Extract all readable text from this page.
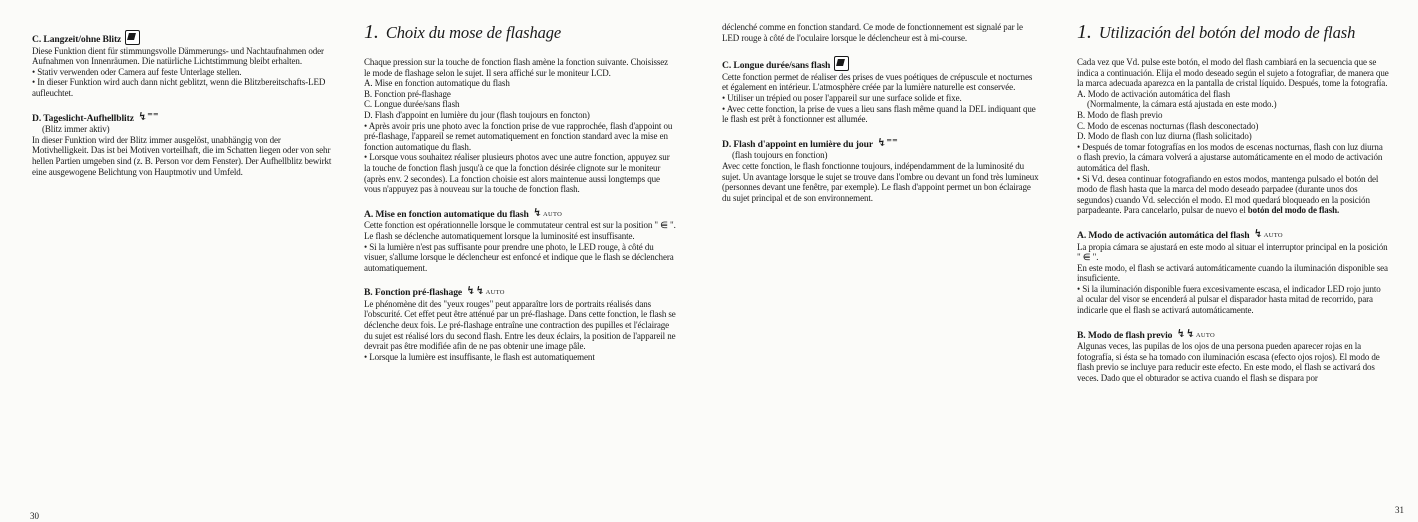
C. Langzeit/ohne Blitz

Diese Funktion dient für stimmungsvolle Dämmerungs- und Nachtaufnahmen oder Aufnahmen von Innenräumen. Die natürliche Lichtstimmung bleibt erhalten.

• Stativ verwenden oder Camera auf feste Unterlage stellen.

• In dieser Funktion wird auch dann nicht geblitzt, wenn die Blitzbereitschafts-LED aufleuchtet.

D. Tageslicht-Aufhellblitz ↯⁼⁼

(Blitz immer aktiv)

In dieser Funktion wird der Blitz immer ausgelöst, unabhängig von der Motivhelligkeit. Das ist bei Motiven vorteilhaft, die im Schatten liegen oder von sehr hellen Partien umgeben sind (z. B. Person vor dem Fenster). Der Aufhellblitz bewirkt eine ausgewogene Belichtung von Hauptmotiv und Umfeld.

1. Choix du mose de flashage

Chaque pression sur la touche de fonction flash amène la fonction suivante. Choisissez le mode de flashage selon le sujet. Il sera affiché sur le moniteur LCD.

A. Mise en fonction automatique du flash

B. Fonction pré-flashage

C. Longue durée/sans flash

D. Flash d'appoint en lumière du jour (flash toujours en foncton)

• Après avoir pris une photo avec la fonction prise de vue rapprochée, flash d'appoint ou pré-flashage, l'appareil se remet automatiquement en fonction standard avec la mise en fonction automatique du flash.

• Lorsque vous souhaitez réaliser plusieurs photos avec une autre fonction, appuyez sur la touche de fonction flash jusqu'à ce que la fonction désirée clignote sur le moniteur (après env. 2 secondes). La fonction choisie est alors maintenue aussi longtemps que vous n'appuyez pas à nouveau sur la touche de fonction flash.

A. Mise en fonction automatique du flash ↯AUTO

Cette fonction est opérationnelle lorsque le commutateur central est sur la position " ⋹ ".

Le flash se déclenche automatiquement lorsque la luminosité est insuffisante.

• Si la lumière n'est pas suffisante pour prendre une photo, le LED rouge, à côté du visuer, s'allume lorsque le déclencheur est enfoncé et indique que le flash se déclenchera automatiquement.

B. Fonction pré-flashage ↯↯AUTO

Le phénomène dit des "yeux rouges" peut apparaître lors de portraits réalisés dans l'obscurité. Cet effet peut être atténué par un pré-flashage. Dans cette fonction, le flash se déclenche deux fois. Le pré-flashage entraîne une contraction des pupilles et l'éclairage du sujet est réalisé lors du second flash. Entre les deux éclairs, la position de l'appareil ne devrait pas être modifiée afin de ne pas obtenir une image pâle.

• Lorsque la lumière est insuffisante, le flash est automatiquement

déclenché comme en fonction standard. Ce mode de fonctionnement est signalé par le LED rouge à côté de l'oculaire lorsque le déclencheur est à mi-course.

C. Longue durée/sans flash

Cette fonction permet de réaliser des prises de vues poétiques de crépuscule et nocturnes et également en intérieur. L'atmosphère créée par la lumière naturelle est conservée.

• Utiliser un trépied ou poser l'appareil sur une surface solide et fixe.

• Avec cette fonction, la prise de vues a lieu sans flash même quand la DEL indiquant que le flash est prêt à fonctionner est allumée.

D. Flash d'appoint en lumière du jour ↯⁼⁼

(flash toujours en fonction)

Avec cette fonction, le flash fonctionne toujours, indépendamment de la luminosité du sujet. Un avantage lorsque le sujet se trouve dans l'ombre ou devant un fond très lumineux (personnes devant une fenêtre, par exemple). Le flash d'appoint permet un bon éclairage du sujet principal et de son environnement.

1. Utilización del botón del modo de flash

Cada vez que Vd. pulse este botón, el modo del flash cambiará en la secuencia que se indica a continuación. Elija el modo deseado según el sujeto a fotografiar, de manera que la marca adecuada aparezca en la pantalla de cristal líquido. Después, tome la fotografía.

A. Modo de activación automática del flash

(Normalmente, la cámara está ajustada en este modo.)

B. Modo de flash previo

C. Modo de escenas nocturnas (flash desconectado)

D. Modo de flash con luz diurna (flash solicitado)

• Después de tomar fotografías en los modos de escenas nocturnas, flash con luz diurna o flash previo, la cámara volverá a ajustarse automáticamente en el modo de activación automática del flash.

• Si Vd. desea continuar fotografiando en estos modos, mantenga pulsado el botón del modo de flash hasta que la marca del modo deseado parpadee (durante unos dos segundos) cuando Vd. selección el modo. El mod quedará bloqueado en la posición parpadeante. Para cancelarlo, pulsar de nuevo el botón del modo de flash.

A. Modo de activación automática del flash ↯AUTO

La propia cámara se ajustará en este modo al situar el interruptor principal en la posición " ⋹ ".

En este modo, el flash se activará automáticamente cuando la iluminación disponible sea insuficiente.

• Si la iluminación disponible fuera excesivamente escasa, el indicador LED rojo junto al ocular del visor se encenderá al pulsar el disparador hasta mitad de recorrido, para indicarle que el flash se activará automáticamente.

B. Modo de flash previo ↯↯AUTO

Algunas veces, las pupilas de los ojos de una persona pueden aparecer rojas en la fotografía, si ésta se ha tomado con iluminación escasa (efecto ojos rojos). El modo de flash previo se incluye para reducir este efecto. En este modo, el flash se activará dos veces. Dado que el obturador se activa cuando el flash se dispara por

30
31
